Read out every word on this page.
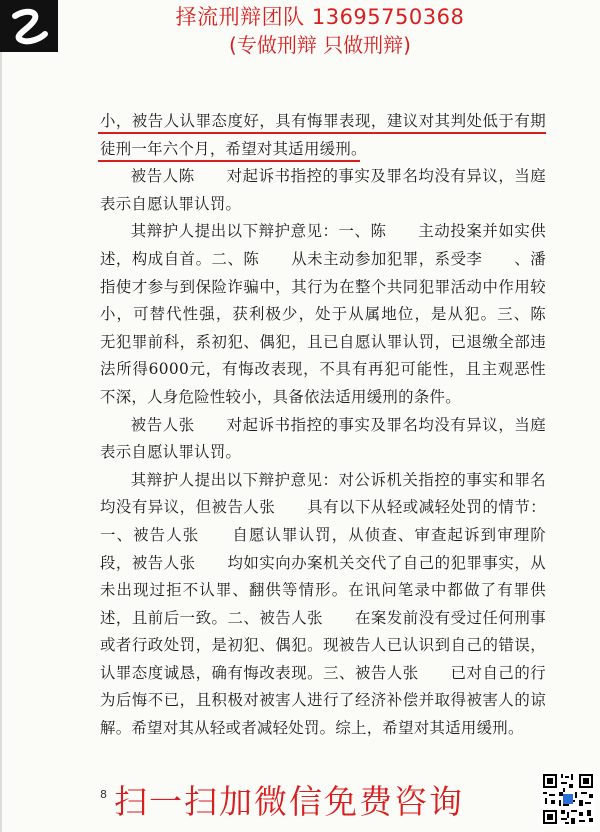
择流刑辩团队 13695750368
(专做刑辩 只做刑辩)

小，被告人认罪态度好，具有悔罪表现，建议对其判处低于有期徒刑一年六个月，希望对其适用缓刑。

被告人陈　　对起诉书指控的事实及罪名均没有异议，当庭表示自愿认罪认罚。

其辩护人提出以下辩护意见：一、陈　　主动投案并如实供述，构成自首。二、陈　　从未主动参加犯罪，系受李　　、潘　　指使才参与到保险诈骗中，其行为在整个共同犯罪活动中作用较小，可替代性强，获利极少，处于从属地位，是从犯。三、陈　　无犯罪前科，系初犯、偶犯，且已自愿认罪认罚，已退缴全部违法所得6000元，有悔改表现，不具有再犯可能性，且主观恶性不深，人身危险性较小，具备依法适用缓刑的条件。

被告人张　　对起诉书指控的事实及罪名均没有异议，当庭表示自愿认罪认罚。

其辩护人提出以下辩护意见：对公诉机关指控的事实和罪名均没有异议，但被告人张　　具有以下从轻或减轻处罚的情节：一、被告人张　　自愿认罪认罚，从侦查、审查起诉到审理阶段，被告人张　　均如实向办案机关交代了自己的犯罪事实，从未出现过拒不认罪、翻供等情形。在讯问笔录中都做了有罪供述，且前后一致。二、被告人张　　在案发前没有受过任何刑事或者行政处罚，是初犯、偶犯。现被告人已认识到自己的错误，认罪态度诚恳，确有悔改表现。三、被告人张　　已对自己的行为后悔不已，且积极对被害人进行了经济补偿并取得被害人的谅解。希望对其从轻或者减轻处罚。综上，希望对其适用缓刑。

8 扫一扫加微信免费咨询
